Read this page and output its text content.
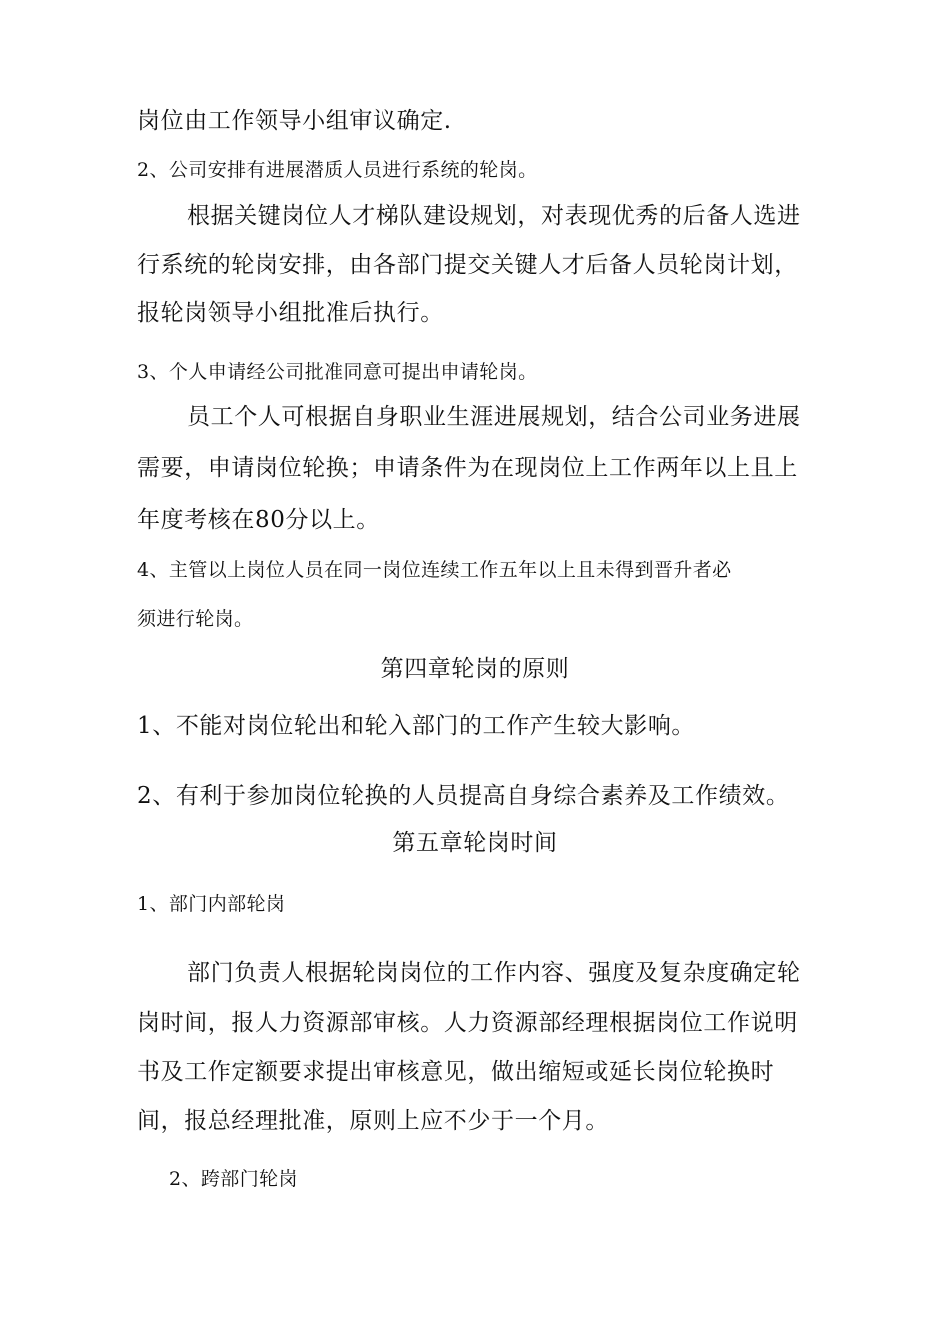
岗位由工作领导小组审议确定.
2、公司安排有进展潜质人员进行系统的轮岗。
根据关键岗位人才梯队建设规划，对表现优秀的后备人选进
行系统的轮岗安排，由各部门提交关键人才后备人员轮岗计划，
报轮岗领导小组批准后执行。
3、个人申请经公司批准同意可提出申请轮岗。
员工个人可根据自身职业生涯进展规划，结合公司业务进展
需要，申请岗位轮换；申请条件为在现岗位上工作两年以上且上
年度考核在80分以上。
4、主管以上岗位人员在同一岗位连续工作五年以上且未得到晋升者必
须进行轮岗。
第四章轮岗的原则
1、不能对岗位轮出和轮入部门的工作产生较大影响。
2、有利于参加岗位轮换的人员提高自身综合素养及工作绩效。
第五章轮岗时间
1、部门内部轮岗
部门负责人根据轮岗岗位的工作内容、强度及复杂度确定轮
岗时间，报人力资源部审核。人力资源部经理根据岗位工作说明
书及工作定额要求提出审核意见，做出缩短或延长岗位轮换时
间，报总经理批准，原则上应不少于一个月。
2、跨部门轮岗
